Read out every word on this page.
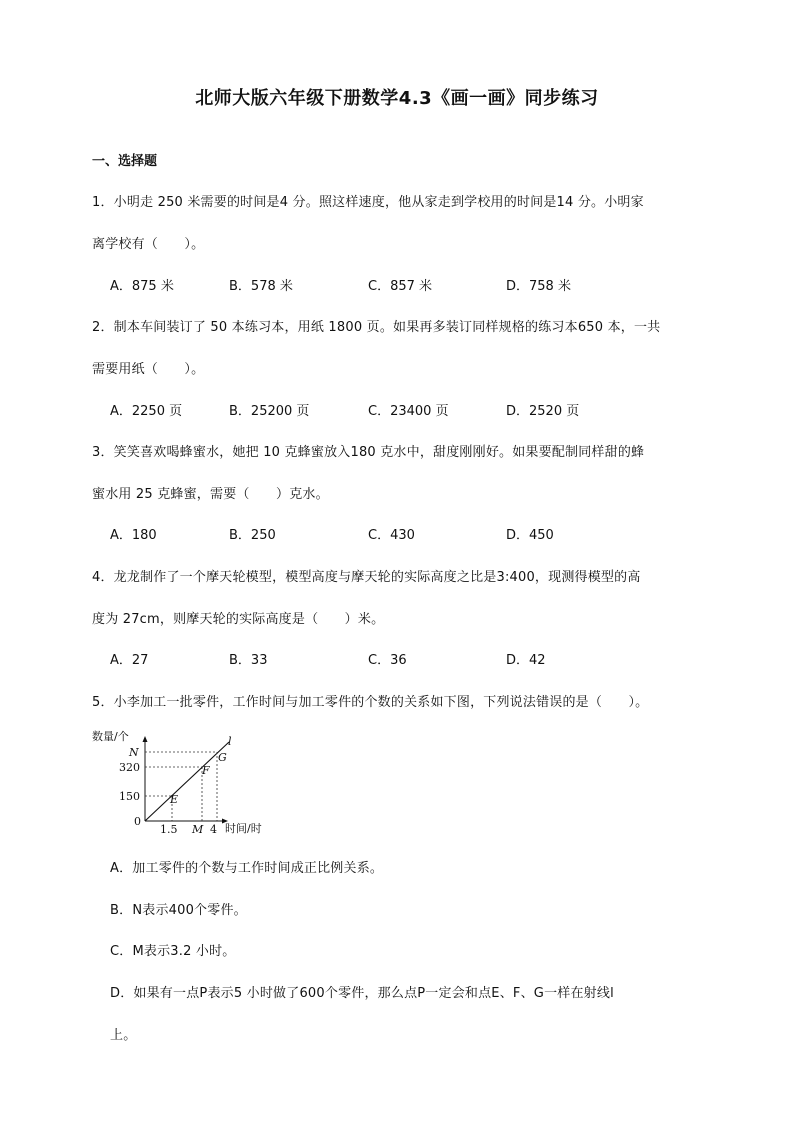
北师大版六年级下册数学4.3《画一画》同步练习
一、选择题
1．小明走 250 米需要的时间是4 分。照这样速度，他从家走到学校用的时间是14 分。小明家
离学校有（　　）。
A．875 米	B．578 米	C．857 米	D．758 米
2．制本车间装订了 50 本练习本，用纸 1800 页。如果再多装订同样规格的练习本650 本，一共
需要用纸（　　）。
A．2250 页	B．25200 页	C．23400 页	D．2520 页
3．笑笑喜欢喝蜂蜜水，她把 10 克蜂蜜放入180 克水中，甜度刚刚好。如果要配制同样甜的蜂
蜜水用 25 克蜂蜜，需要（　　）克水。
A．180	B．250	C．430	D．450
4．龙龙制作了一个摩天轮模型，模型高度与摩天轮的实际高度之比是3:400，现测得模型的高
度为 27cm，则摩天轮的实际高度是（　　）米。
A．27	B．33	C．36	D．42
5．小李加工一批零件，工作时间与加工零件的个数的关系如下图，下列说法错误的是（　　）。
数量/个
N
320
150
0
1.5 M 4 时间/时
E
F
G
l
A．加工零件的个数与工作时间成正比例关系。
B．N表示400个零件。
C．M表示3.2 小时。
D．如果有一点P表示5 小时做了600个零件，那么点P一定会和点E、F、G一样在射线l
上。
